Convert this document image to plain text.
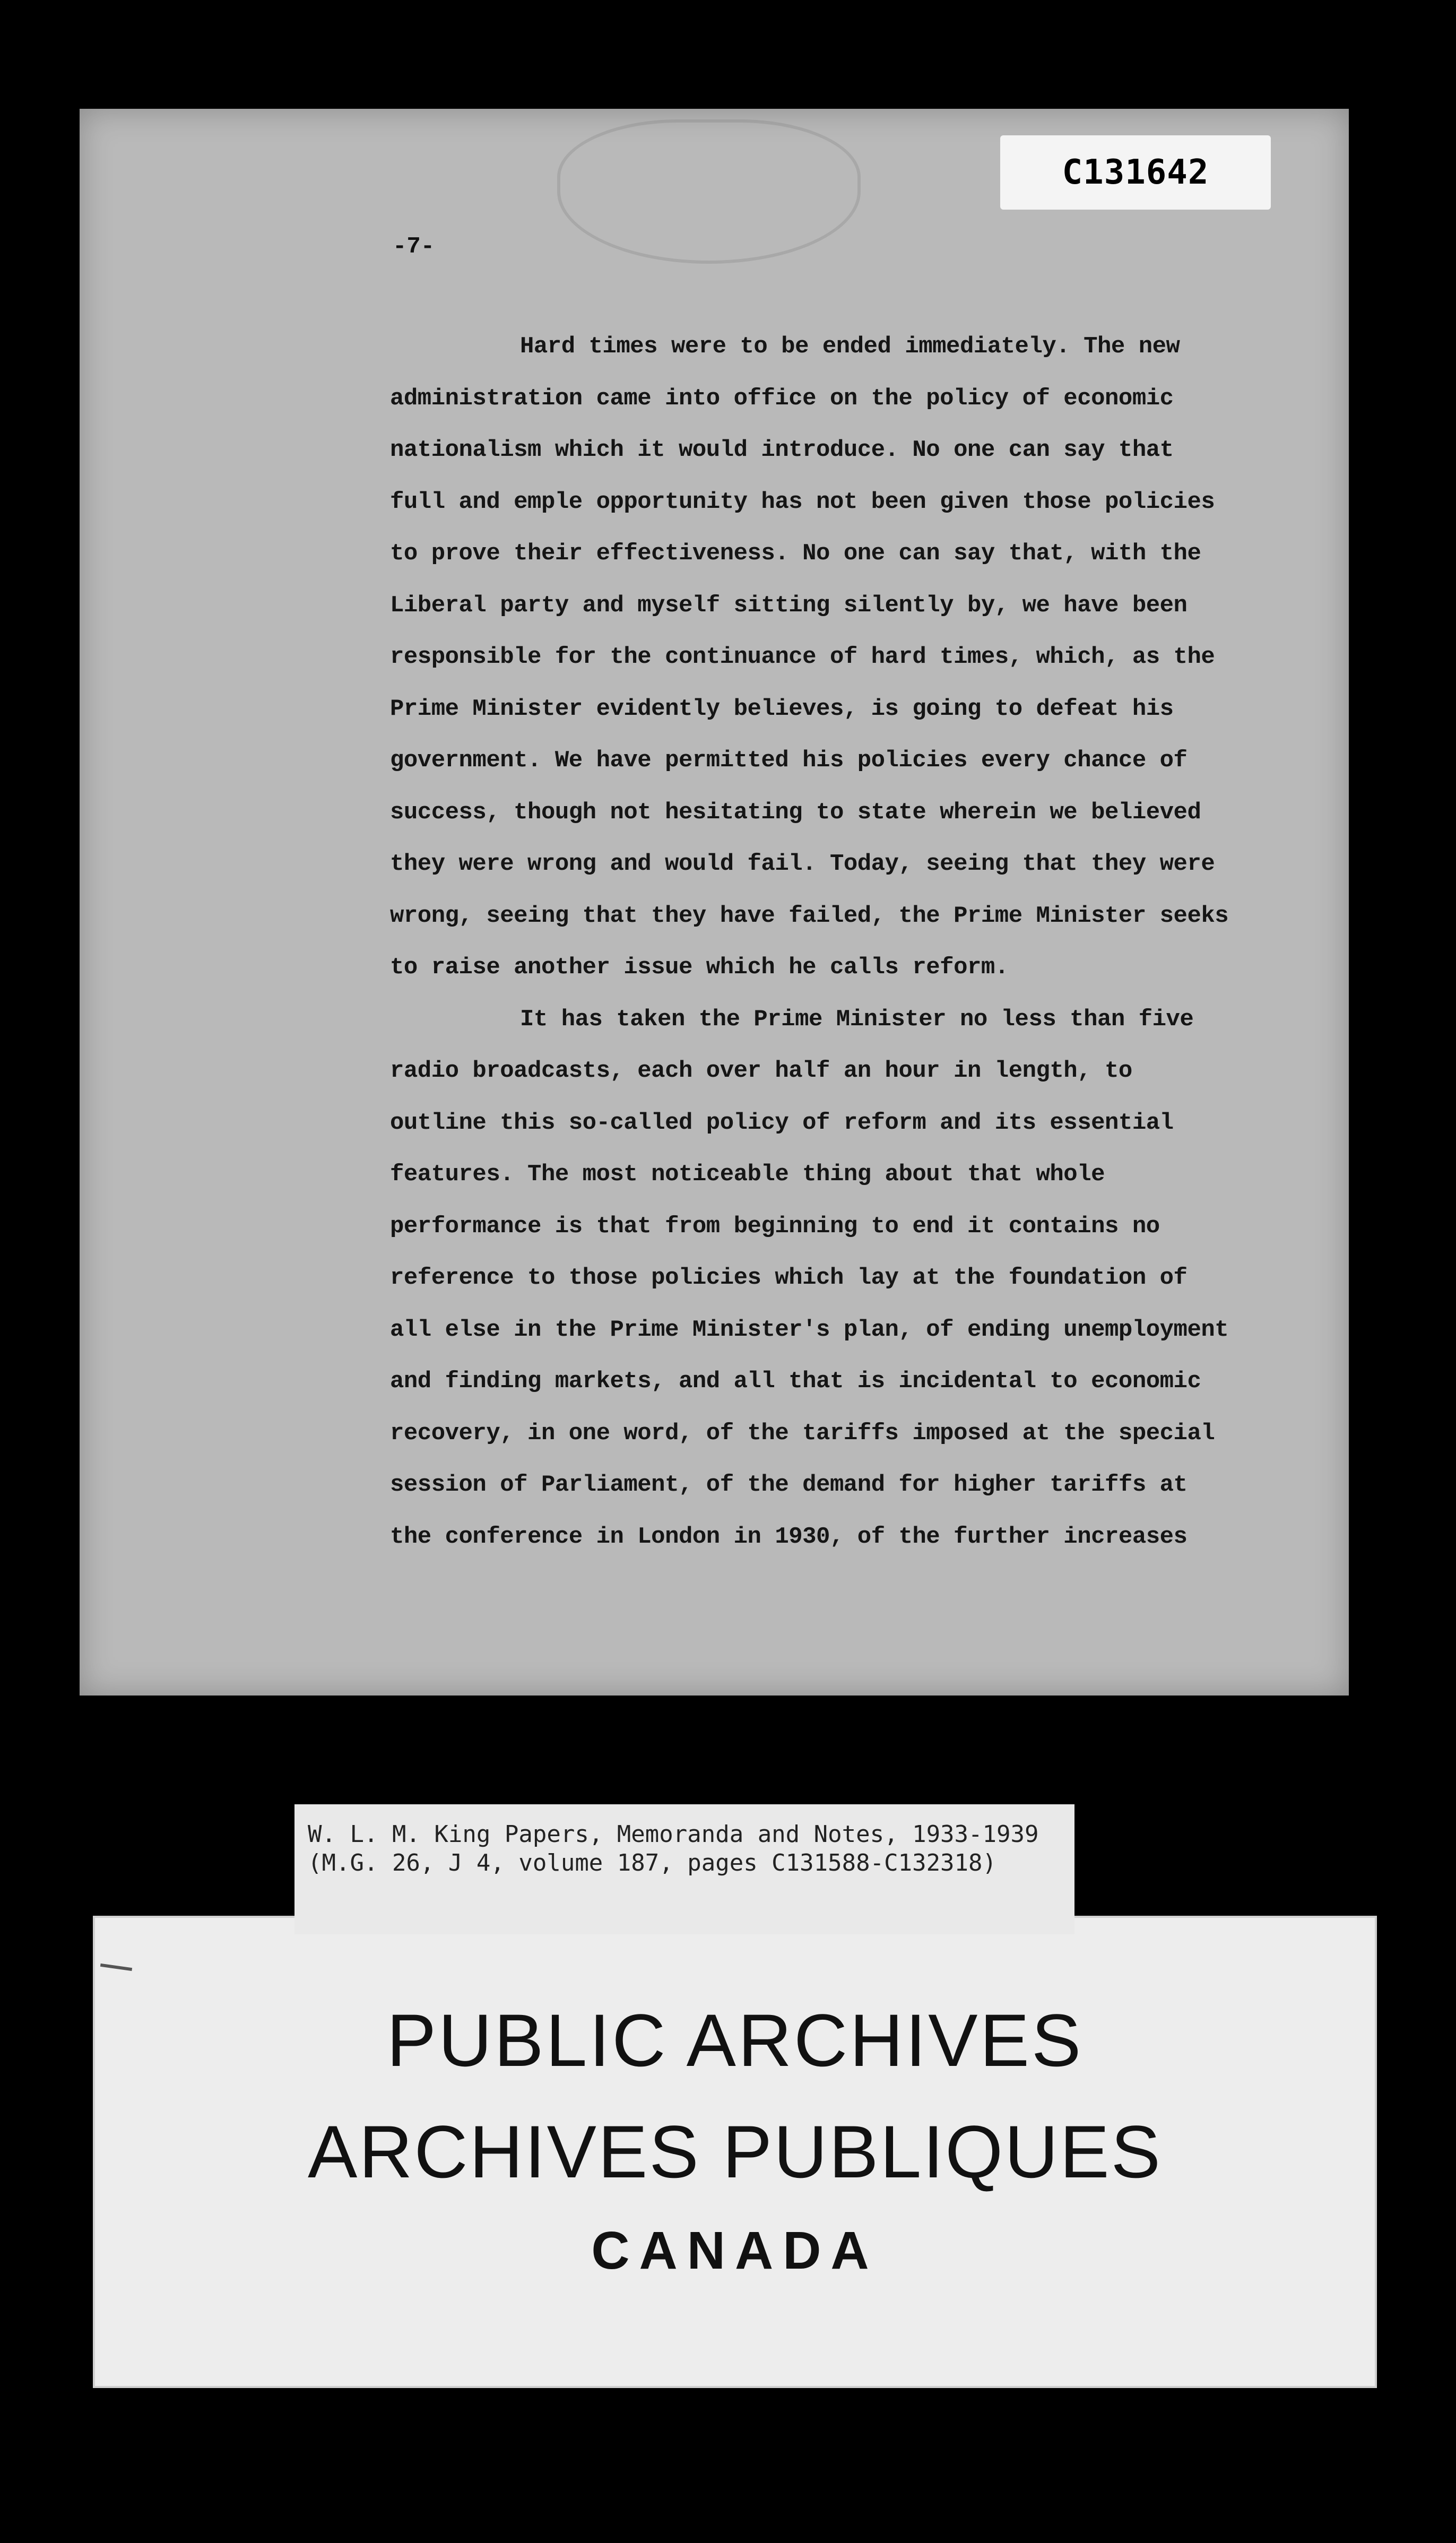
-7-
Hard times were to be ended immediately. The new
administration came into office on the policy of economic
nationalism which it would introduce. No one can say that
full and emple opportunity has not been given those policies
to prove their effectiveness. No one can say that, with the
Liberal party and myself sitting silently by, we have been
responsible for the continuance of hard times, which, as the
Prime Minister evidently believes, is going to defeat his
government. We have permitted his policies every chance of
success, though not hesitating to state wherein we believed
they were wrong and would fail. Today, seeing that they were
wrong, seeing that they have failed, the Prime Minister seeks
to raise another issue which he calls reform.
It has taken the Prime Minister no less than five
radio broadcasts, each over half an hour in length, to
outline this so-called policy of reform and its essential
features. The most noticeable thing about that whole
performance is that from beginning to end it contains no
reference to those policies which lay at the foundation of
all else in the Prime Minister's plan, of ending unemployment
and finding markets, and all that is incidental to economic
recovery, in one word, of the tariffs imposed at the special
session of Parliament, of the demand for higher tariffs at
the conference in London in 1930, of the further increases
C131642
PUBLIC ARCHIVES
ARCHIVES PUBLIQUES
CANADA
W. L. M. King Papers, Memoranda and Notes, 1933-1939
(M.G. 26, J 4, volume 187, pages C131588-C132318)
